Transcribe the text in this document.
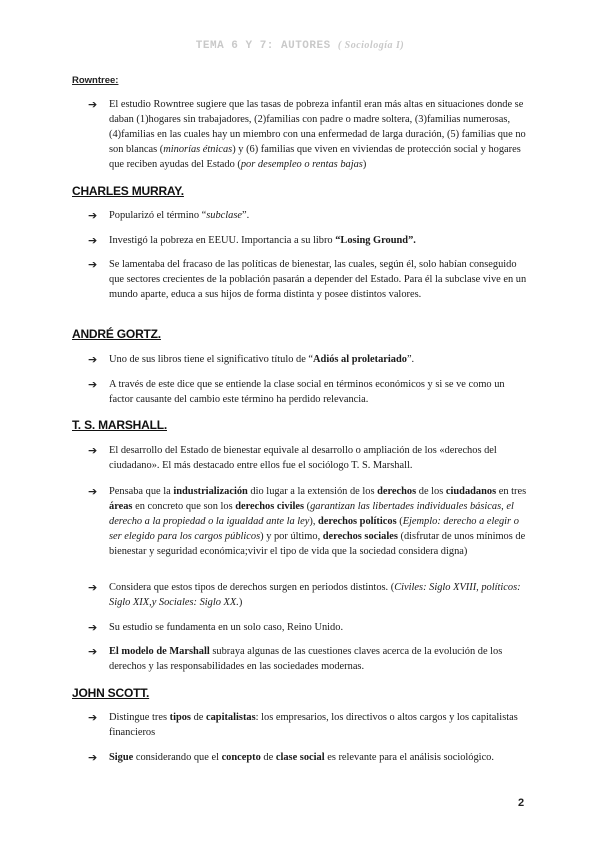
TEMA 6 Y 7: AUTORES ( Sociología I)
Rowntree:
➔ El estudio Rowntree sugiere que las tasas de pobreza infantil eran más altas en situaciones donde se daban (1)hogares sin trabajadores, (2)familias con padre o madre soltera, (3)familias numerosas, (4)familias en las cuales hay un miembro con una enfermedad de larga duración, (5) familias que no son blancas (minorías étnicas) y (6) familias que viven en viviendas de protección social y hogares que reciben ayudas del Estado (por desempleo o rentas bajas)
CHARLES MURRAY.
➔ Popularizó el término “subclase”.
➔ Investigó la pobreza en EEUU. Importancia a su libro “Losing Ground”.
➔ Se lamentaba del fracaso de las políticas de bienestar, las cuales, según él, solo habían conseguido que sectores crecientes de la población pasarán a depender del Estado. Para él la subclase vive en un mundo aparte, educa a sus hijos de forma distinta y posee distintos valores.
ANDRÉ GORTZ.
➔ Uno de sus libros tiene el significativo título de “Adiós al proletariado”.
➔ A través de este dice que se entiende la clase social en términos económicos y si se ve como un factor causante del cambio este término ha perdido relevancia.
T. S. MARSHALL.
➔ El desarrollo del Estado de bienestar equivale al desarrollo o ampliación de los «derechos del ciudadano». El más destacado entre ellos fue el sociólogo T. S. Marshall.
➔ Pensaba que la industrialización dio lugar a la extensión de los derechos de los ciudadanos en tres áreas en concreto que son los derechos civiles (garantizan las libertades individuales básicas, el derecho a la propiedad o la igualdad ante la ley), derechos políticos (Ejemplo: derecho a elegir o ser elegido para los cargos públicos) y por último, derechos sociales (disfrutar de unos mínimos de bienestar y seguridad económica;vivir el tipo de vida que la sociedad considera digna)
➔ Considera que estos tipos de derechos surgen en periodos distintos. (Civiles: Siglo XVIII, políticos: Siglo XIX,y Sociales: Siglo XX.)
➔ Su estudio se fundamenta en un solo caso, Reino Unido.
➔ El modelo de Marshall subraya algunas de las cuestiones claves acerca de la evolución de los derechos y las responsabilidades en las sociedades modernas.
JOHN SCOTT.
➔ Distingue tres tipos de capitalistas: los empresarios, los directivos o altos cargos y los capitalistas financieros
➔ Sigue considerando que el concepto de clase social es relevante para el análisis sociológico.
2
